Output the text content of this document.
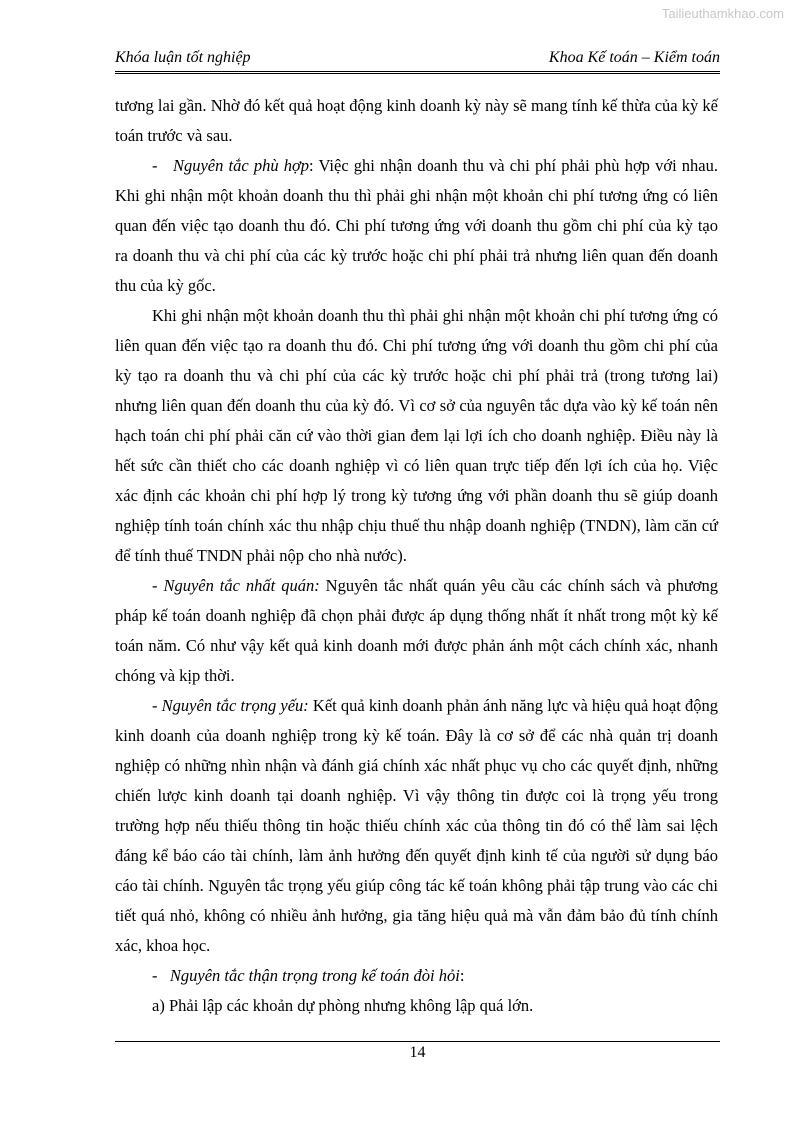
Tailieuthamkhao.com
Khóa luận tốt nghiệp	Khoa Kế toán – Kiểm toán

tương lai gần. Nhờ đó kết quả hoạt động kinh doanh kỳ này sẽ mang tính kế thừa của kỳ kế toán trước và sau.

-   Nguyên tắc phù hợp: Việc ghi nhận doanh thu và chi phí phải phù hợp với nhau. Khi ghi nhận một khoản doanh thu thì phải ghi nhận một khoản chi phí tương ứng có liên quan đến việc tạo doanh thu đó. Chi phí tương ứng với doanh thu gồm chi phí của kỳ tạo ra doanh thu và chi phí của các kỳ trước hoặc chi phí phải trả nhưng liên quan đến doanh thu của kỳ gốc.

Khi ghi nhận một khoản doanh thu thì phải ghi nhận một khoản chi phí tương ứng có liên quan đến việc tạo ra doanh thu đó. Chi phí tương ứng với doanh thu gồm chi phí của kỳ tạo ra doanh thu và chi phí của các kỳ trước hoặc chi phí phải trả (trong tương lai) nhưng liên quan đến doanh thu của kỳ đó. Vì cơ sở của nguyên tắc dựa vào kỳ kế toán nên hạch toán chi phí phải căn cứ vào thời gian đem lại lợi ích cho doanh nghiệp. Điều này là hết sức cần thiết cho các doanh nghiệp vì có liên quan trực tiếp đến lợi ích của họ. Việc xác định các khoản chi phí hợp lý trong kỳ tương ứng với phần doanh thu sẽ giúp doanh nghiệp tính toán chính xác thu nhập chịu thuế thu nhập doanh nghiệp (TNDN), làm căn cứ để tính thuế TNDN phải nộp cho nhà nước).

- Nguyên tắc nhất quán: Nguyên tắc nhất quán yêu cầu các chính sách và phương pháp kế toán doanh nghiệp đã chọn phải được áp dụng thống nhất ít nhất trong một kỳ kế toán năm. Có như vậy kết quả kinh doanh mới được phản ánh một cách chính xác, nhanh chóng và kịp thời.

- Nguyên tắc trọng yếu: Kết quả kinh doanh phản ánh năng lực và hiệu quả hoạt động kinh doanh của doanh nghiệp trong kỳ kế toán. Đây là cơ sở để các nhà quản trị doanh nghiệp có những nhìn nhận và đánh giá chính xác nhất phục vụ cho các quyết định, những chiến lược kinh doanh tại doanh nghiệp. Vì vậy thông tin được coi là trọng yếu trong trường hợp nếu thiếu thông tin hoặc thiếu chính xác của thông tin đó có thể làm sai lệch đáng kể báo cáo tài chính, làm ảnh hưởng đến quyết định kinh tế của người sử dụng báo cáo tài chính. Nguyên tắc trọng yếu giúp công tác kế toán không phải tập trung vào các chi tiết quá nhỏ, không có nhiều ảnh hưởng, gia tăng hiệu quả mà vẫn đảm bảo đủ tính chính xác, khoa học.

-   Nguyên tắc thận trọng trong kế toán đòi hỏi:

a) Phải lập các khoản dự phòng nhưng không lập quá lớn.

14
